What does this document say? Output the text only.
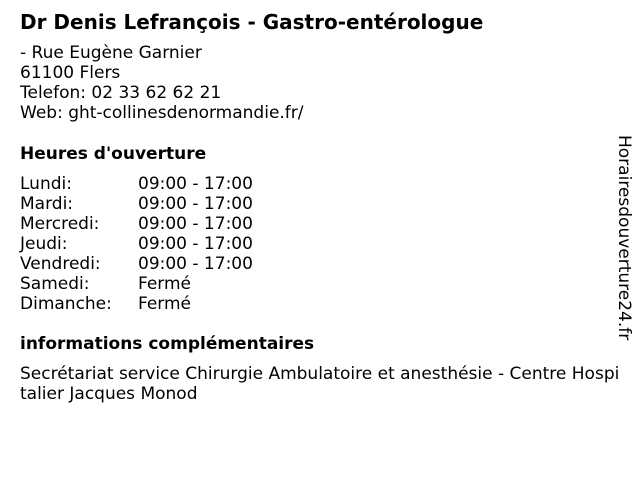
Dr Denis Lefrançois - Gastro-entérologue
- Rue Eugène Garnier
61100 Flers
Telefon: 02 33 62 62 21
Web: ght-collinesdenormandie.fr/
Heures d'ouverture
Lundi:	09:00 - 17:00
Mardi:	09:00 - 17:00
Mercredi:	09:00 - 17:00
Jeudi:	09:00 - 17:00
Vendredi:	09:00 - 17:00
Samedi:	Fermé
Dimanche:	Fermé
informations complémentaires
Secrétariat service Chirurgie Ambulatoire et anesthésie - Centre Hospitalier Jacques Monod
Horairesdouverture24.fr
